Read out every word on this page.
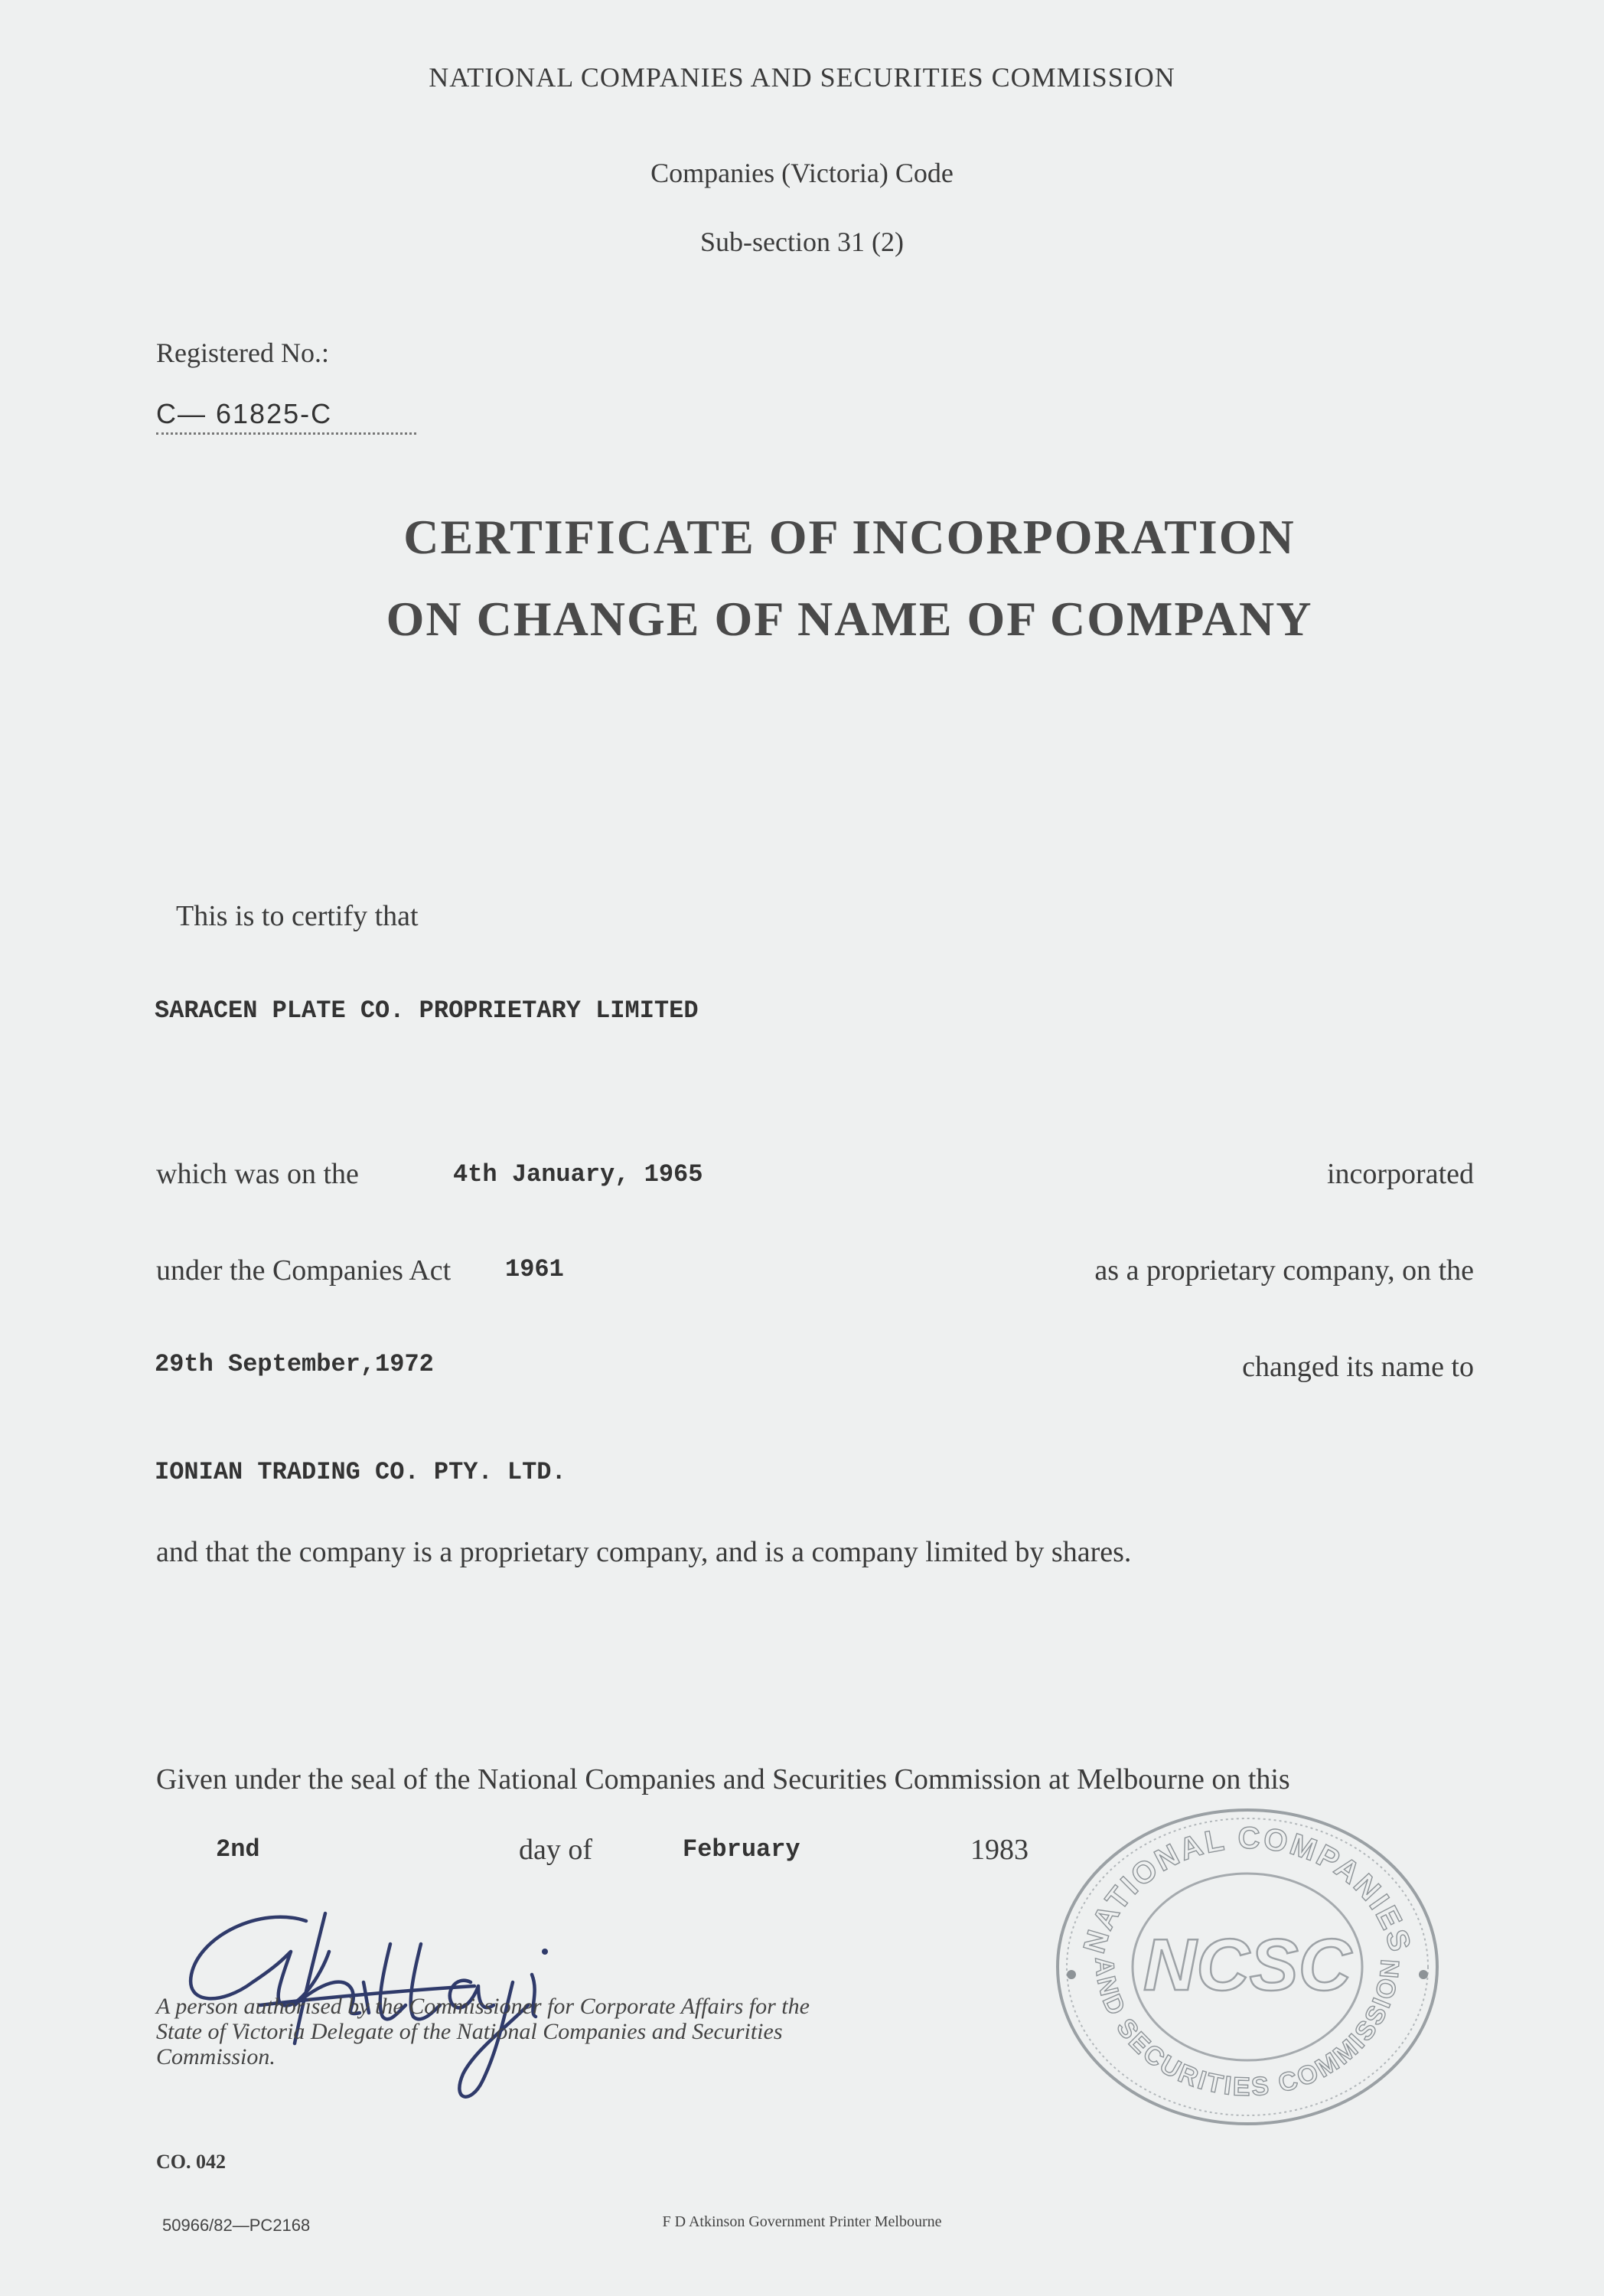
NATIONAL COMPANIES AND SECURITIES COMMISSION
Companies (Victoria) Code
Sub-section 31 (2)
Registered No.:
C— 61825-C
CERTIFICATE OF INCORPORATION
ON CHANGE OF NAME OF COMPANY
This is to certify that
SARACEN PLATE CO. PROPRIETARY LIMITED
which was on the	4th January, 1965	incorporated
under the Companies Act 1961	as a proprietary company, on the
29th September,1972	changed its name to
IONIAN TRADING CO. PTY. LTD.
and that the company is a proprietary company, and is a company limited by shares.
Given under the seal of the National Companies and Securities Commission at Melbourne on this
2nd	day of	February	1983
NATIONAL COMPANIES
AND SECURITIES COMMISSION
NCSC
A person authorised by the Commissioner for Corporate Affairs for the State of Victoria Delegate of the National Companies and Securities Commission.
CO. 042
50966/82—PC2168	F D Atkinson Government Printer Melbourne
